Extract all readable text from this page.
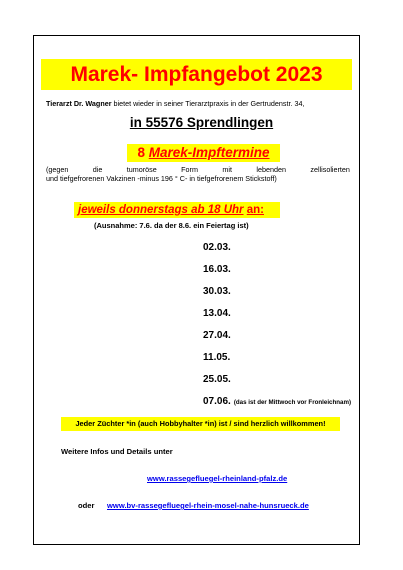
Marek- Impfangebot 2023
Tierarzt Dr. Wagner bietet wieder in seiner Tierarztpraxis in der Gertrudenstr. 34,
in 55576 Sprendlingen
8 Marek-Impftermine
(gegen	die	tumoröse	Form	mit	lebenden	zellisolierten
und tiefgefrorenen Vakzinen -minus 196 ° C- in tiefgefrorenem Stickstoff)
jeweils donnerstags ab 18 Uhr an:
(Ausnahme: 7.6. da der 8.6. ein Feiertag ist)
02.03.
16.03.
30.03.
13.04.
27.04.
11.05.
25.05.
07.06. (das ist der Mittwoch vor Fronleichnam)
Jeder Züchter *in (auch Hobbyhalter *in) ist / sind herzlich willkommen!
Weitere Infos und Details unter
www.rassegefluegel-rheinland-pfalz.de
oder www.bv-rassegefluegel-rhein-mosel-nahe-hunsrueck.de
